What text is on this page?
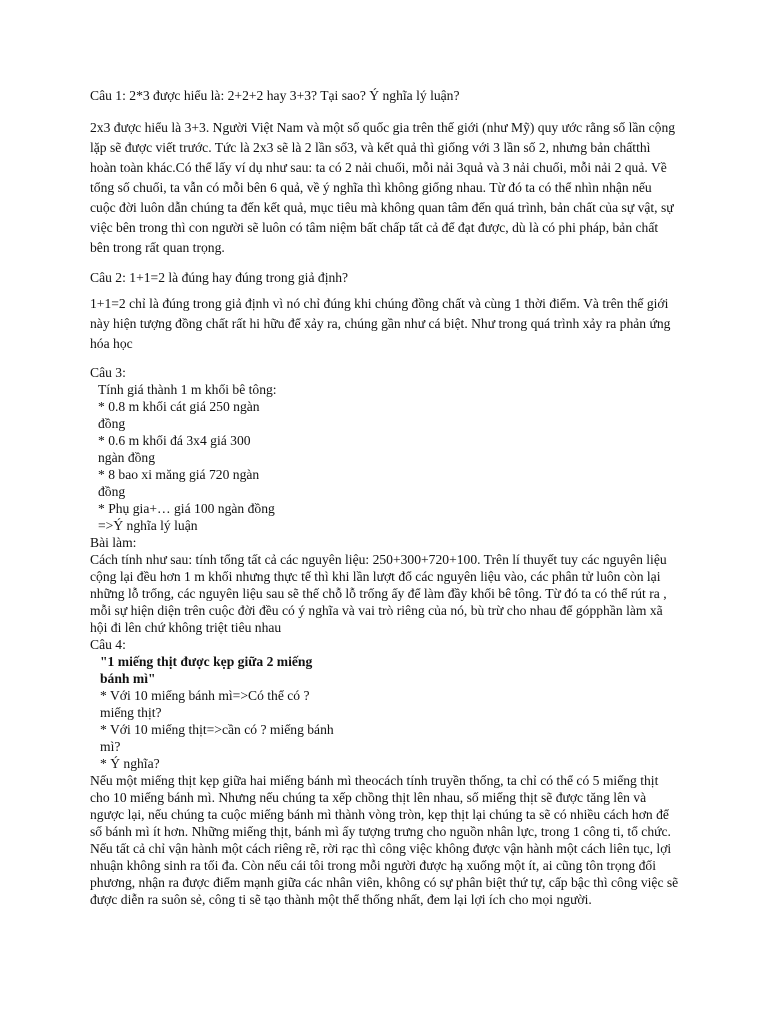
Câu 1: 2*3 được hiểu là: 2+2+2 hay 3+3? Tại sao? Ý nghĩa lý luận?

2x3 được hiểu là 3+3. Người Việt Nam và một số quốc gia trên thế giới (như Mỹ) quy ước rằng số lần cộng lặp sẽ được viết trước. Tức là 2x3 sẽ là 2 lần số3, và kết quả thì giống với 3 lần số 2, nhưng bản chấtthì hoàn toàn khác.Có thể lấy ví dụ như sau: ta có 2 nải chuối, mỗi nải 3quả và 3 nải chuối, mỗi nải 2 quả. Về tổng số chuối, ta vẫn có mỗi bên 6 quả, về ý nghĩa thì không giống nhau. Từ đó ta có thể nhìn nhận nếu cuộc đời luôn dẫn chúng ta đến kết quả, mục tiêu mà không quan tâm đến quá trình, bản chất của sự vật, sự việc bên trong thì con người sẽ luôn có tâm niệm bất chấp tất cả để đạt được, dù là có phi pháp, bản chất bên trong rất quan trọng.

Câu 2: 1+1=2 là đúng hay đúng trong giả định?

1+1=2 chỉ là đúng trong giả định vì nó chỉ đúng khi chúng đồng chất và cùng 1 thời điểm. Và trên thế giới này hiện tượng đồng chất rất hi hữu để xảy ra, chúng gần như cá biệt. Như trong quá trình xảy ra phản ứng hóa học

Câu 3:

Tính giá thành 1 m khối bê tông:
* 0.8 m khối cát giá 250 ngàn
đồng
* 0.6 m khối đá 3x4 giá 300
ngàn đồng
* 8 bao xi măng giá 720 ngàn
đồng
* Phụ gia+… giá 100 ngàn đồng
=>Ý nghĩa lý luận

Bài làm:

Cách tính như sau: tính tổng tất cả các nguyên liệu: 250+300+720+100. Trên lí thuyết tuy các nguyên liệu cộng lại đều hơn 1 m khối nhưng thực tế thì khi lần lượt đổ các nguyên liệu vào, các phân tử luôn còn lại những lỗ trống, các nguyên liệu sau sẽ thế chỗ lỗ trống ấy để làm đầy khối bê tông. Từ đó ta có thể rút ra , mỗi sự hiện diện trên cuộc đời đều có ý nghĩa và vai trò riêng của nó, bù trừ cho nhau để gópphần làm xã hội đi lên chứ không triệt tiêu nhau

Câu 4:

"1 miếng thịt được kẹp giữa 2 miếng
bánh mì"
* Với 10 miếng bánh mì=>Có thể có ?
miếng thịt?
* Với 10 miếng thịt=>cần có ? miếng bánh
mì?
* Ý nghĩa?

Nếu một miếng thịt kẹp giữa hai miếng bánh mì theocách tính truyền thống, ta chỉ có thể có 5 miếng thịt cho 10 miếng bánh mì. Nhưng nếu chúng ta xếp chồng thịt lên nhau, số miếng thịt sẽ được tăng lên và ngược lại, nếu chúng ta cuộc miếng bánh mì thành vòng tròn, kẹp thịt lại chúng ta sẽ có nhiều cách hơn để số bánh mì ít hơn. Những miếng thịt, bánh mì ấy tượng trưng cho nguồn nhân lực, trong 1 công ti, tổ chức. Nếu tất cả chỉ vận hành một cách riêng rẽ, rời rạc thì công việc không được vận hành một cách liên tục, lợi nhuận không sinh ra tối đa. Còn nếu cái tôi trong mỗi người được hạ xuống một ít, ai cũng tôn trọng đối phương, nhận ra được điểm mạnh giữa các nhân viên, không có sự phân biệt thứ tự, cấp bậc thì công việc sẽ được diễn ra suôn sẻ, công ti sẽ tạo thành một thể thống nhất, đem lại lợi ích cho mọi người.
